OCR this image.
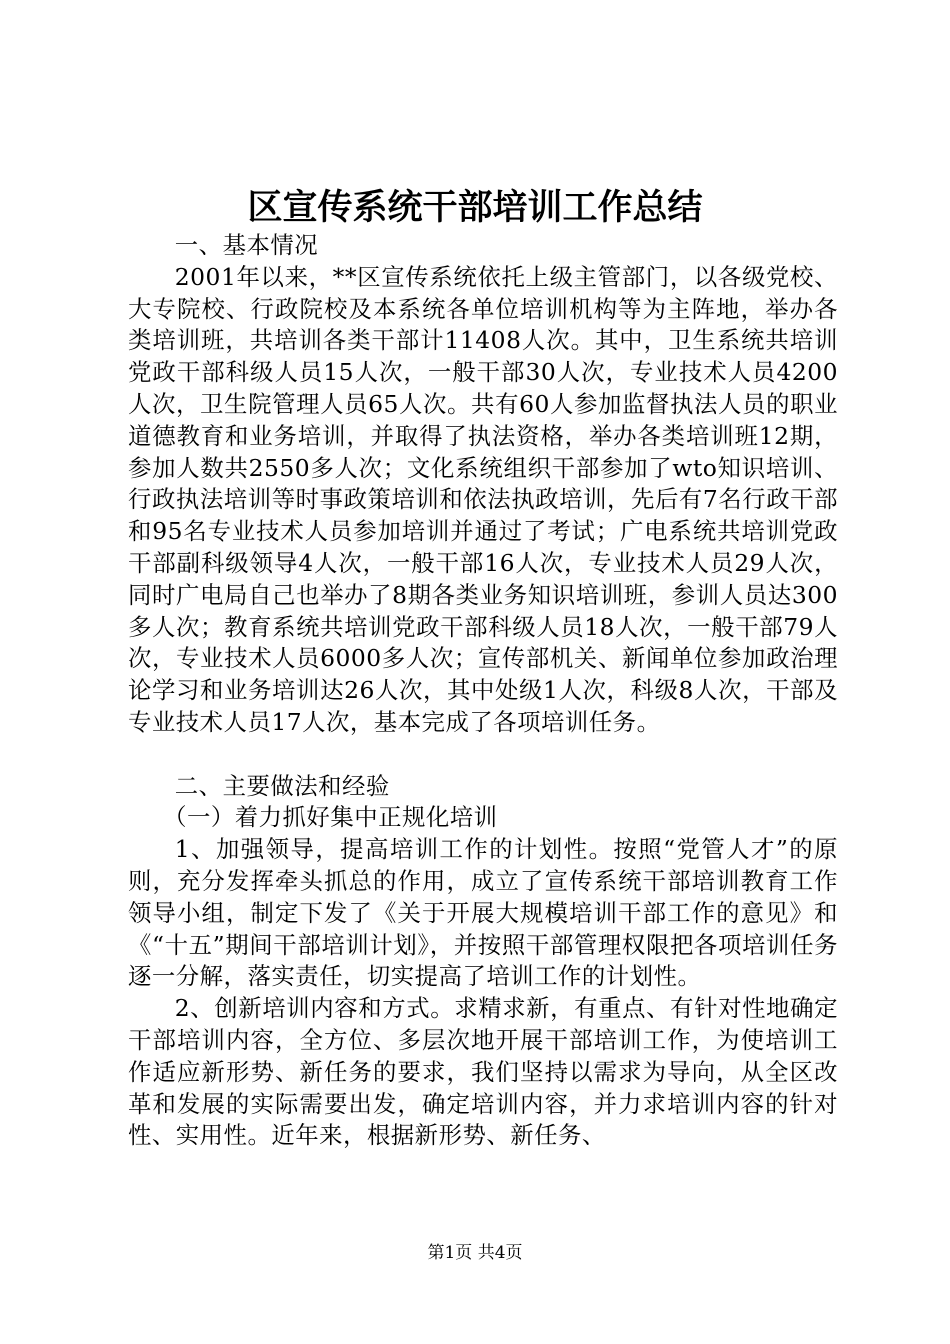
区宣传系统干部培训工作总结

一、基本情况

2001年以来，**区宣传系统依托上级主管部门，以各级党校、大专院校、行政院校及本系统各单位培训机构等为主阵地，举办各类培训班，共培训各类干部计11408人次。其中，卫生系统共培训党政干部科级人员15人次，一般干部30人次，专业技术人员4200人次，卫生院管理人员65人次。共有60人参加监督执法人员的职业道德教育和业务培训，并取得了执法资格，举办各类培训班12期，参加人数共2550多人次；文化系统组织干部参加了wto知识培训、行政执法培训等时事政策培训和依法执政培训，先后有7名行政干部和95名专业技术人员参加培训并通过了考试；广电系统共培训党政干部副科级领导4人次，一般干部16人次，专业技术人员29人次，同时广电局自己也举办了8期各类业务知识培训班，参训人员达300多人次；教育系统共培训党政干部科级人员18人次，一般干部79人次，专业技术人员6000多人次；宣传部机关、新闻单位参加政治理论学习和业务培训达26人次，其中处级1人次，科级8人次，干部及专业技术人员17人次，基本完成了各项培训任务。

二、主要做法和经验

（一）着力抓好集中正规化培训

1、加强领导，提高培训工作的计划性。按照“党管人才”的原则，充分发挥牵头抓总的作用，成立了宣传系统干部培训教育工作领导小组，制定下发了《关于开展大规模培训干部工作的意见》和《“十五”期间干部培训计划》，并按照干部管理权限把各项培训任务逐一分解，落实责任，切实提高了培训工作的计划性。

2、创新培训内容和方式。求精求新，有重点、有针对性地确定干部培训内容，全方位、多层次地开展干部培训工作，为使培训工作适应新形势、新任务的要求，我们坚持以需求为导向，从全区改革和发展的实际需要出发，确定培训内容，并力求培训内容的针对性、实用性。近年来，根据新形势、新任务、

第1页 共4页
